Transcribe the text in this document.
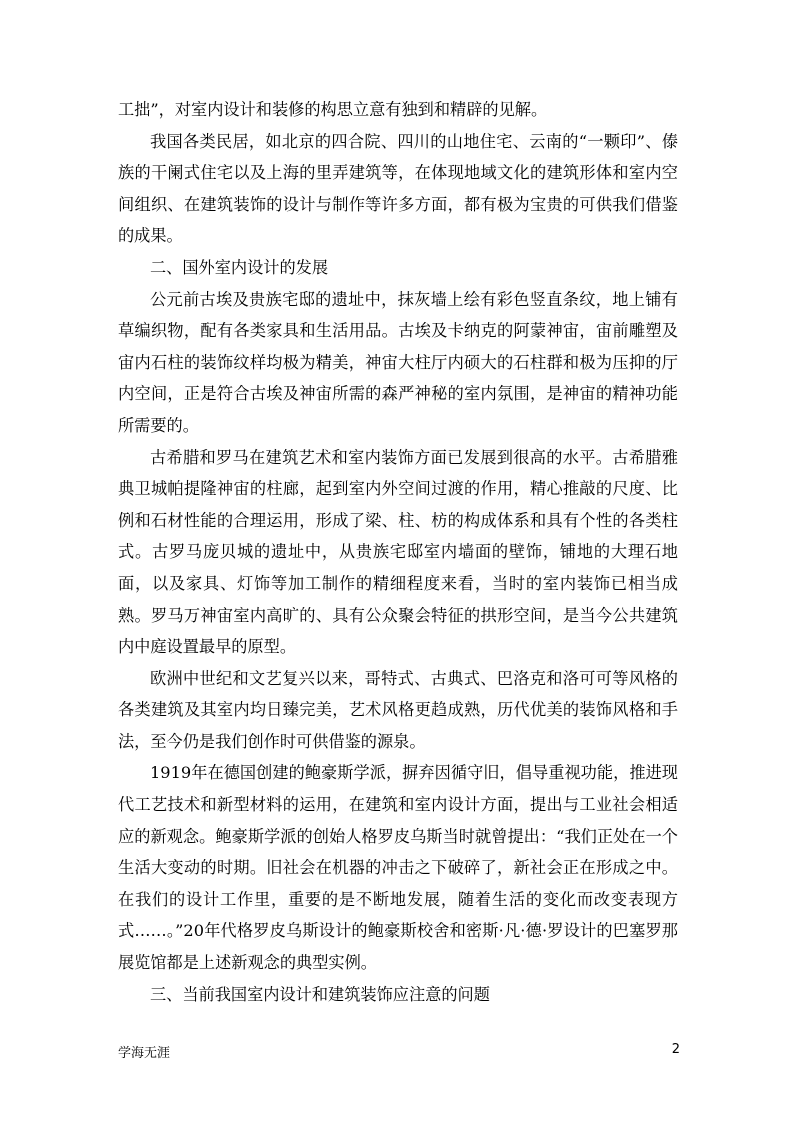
工拙”，对室内设计和装修的构思立意有独到和精辟的见解。

我国各类民居，如北京的四合院、四川的山地住宅、云南的“一颗印”、傣族的干阑式住宅以及上海的里弄建筑等，在体现地域文化的建筑形体和室内空间组织、在建筑装饰的设计与制作等许多方面，都有极为宝贵的可供我们借鉴的成果。

二、国外室内设计的发展

公元前古埃及贵族宅邸的遗址中，抹灰墙上绘有彩色竖直条纹，地上铺有草编织物，配有各类家具和生活用品。古埃及卡纳克的阿蒙神宙，宙前雕塑及宙内石柱的装饰纹样均极为精美，神宙大柱厅内硕大的石柱群和极为压抑的厅内空间，正是符合古埃及神宙所需的森严神秘的室内氛围，是神宙的精神功能所需要的。

古希腊和罗马在建筑艺术和室内装饰方面已发展到很高的水平。古希腊雅典卫城帕提隆神宙的柱廊，起到室内外空间过渡的作用，精心推敲的尺度、比例和石材性能的合理运用，形成了梁、柱、枋的构成体系和具有个性的各类柱式。古罗马庞贝城的遗址中，从贵族宅邸室内墙面的壁饰，铺地的大理石地面，以及家具、灯饰等加工制作的精细程度来看，当时的室内装饰已相当成熟。罗马万神宙室内高旷的、具有公众聚会特征的拱形空间，是当今公共建筑内中庭设置最早的原型。

欧洲中世纪和文艺复兴以来，哥特式、古典式、巴洛克和洛可可等风格的各类建筑及其室内均日臻完美，艺术风格更趋成熟，历代优美的装饰风格和手法，至今仍是我们创作时可供借鉴的源泉。

1919年在德国创建的鲍豪斯学派，摒弃因循守旧，倡导重视功能，推进现代工艺技术和新型材料的运用，在建筑和室内设计方面，提出与工业社会相适应的新观念。鲍豪斯学派的创始人格罗皮乌斯当时就曾提出：“我们正处在一个生活大变动的时期。旧社会在机器的冲击之下破碎了，新社会正在形成之中。在我们的设计工作里，重要的是不断地发展，随着生活的变化而改变表现方式……。”20年代格罗皮乌斯设计的鲍豪斯校舍和密斯·凡·德·罗设计的巴塞罗那展览馆都是上述新观念的典型实例。

三、当前我国室内设计和建筑装饰应注意的问题

学海无涯	2
